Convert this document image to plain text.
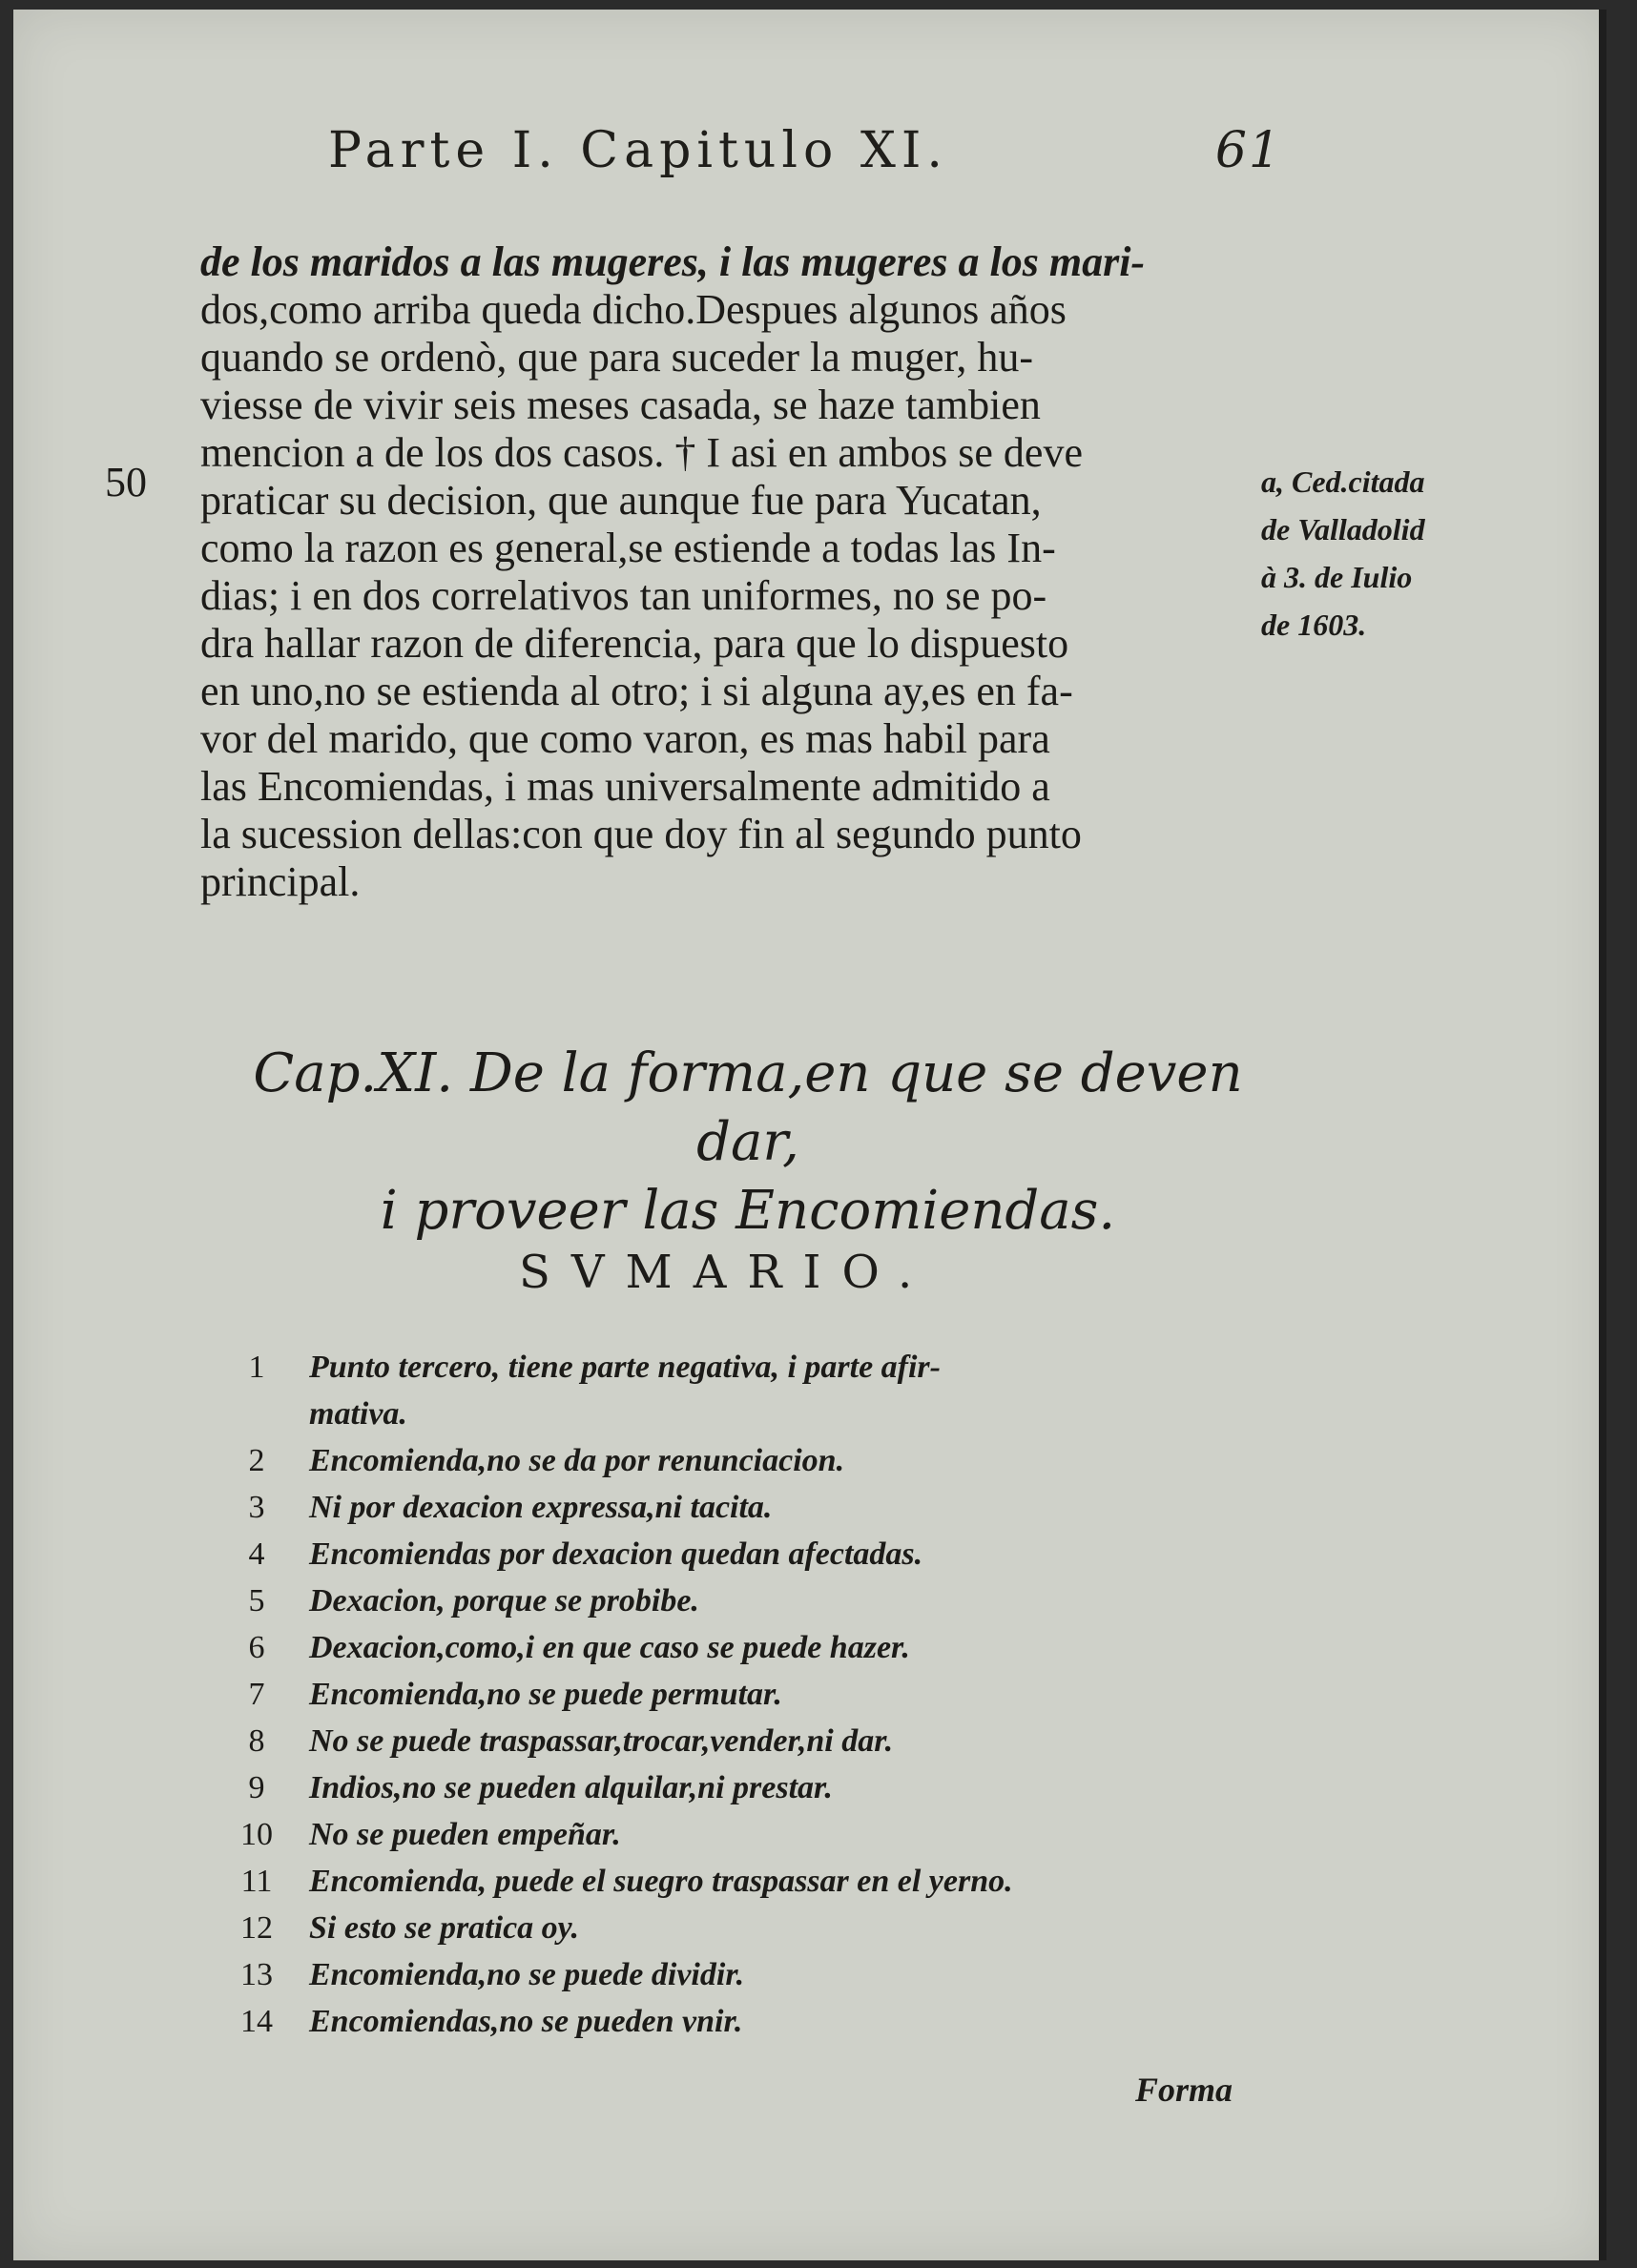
Parte I. Capitulo XI.	61
50
de los maridos a las mugeres, i las mugeres a los mari-
dos,como arriba queda dicho.Despues algunos años
quando se ordenò, que para suceder la muger, hu-
viesse de vivir seis meses casada, se haze tambien
mencion a de los dos casos. † I asi en ambos se deve
praticar su decision, que aunque fue para Yucatan,
como la razon es general,se estiende a todas las In-
dias; i en dos correlativos tan uniformes, no se po-
dra hallar razon de diferencia, para que lo dispuesto
en uno,no se estienda al otro; i si alguna ay,es en fa-
vor del marido, que como varon, es mas habil para
las Encomiendas, i mas universalmente admitido a
la sucession dellas:con que doy fin al segundo punto
principal.
a, Ced.citada
de Valladolid
à 3. de Iulio
de 1603.
Cap.XI. De la forma,en que se deven dar,
i proveer las Encomiendas.
SVMARIO.
1	Punto tercero, tiene parte negativa, i parte afir-
mativa.
2	Encomienda,no se da por renunciacion.
3	Ni por dexacion expressa,ni tacita.
4	Encomiendas por dexacion quedan afectadas.
5	Dexacion, porque se probibe.
6	Dexacion,como,i en que caso se puede hazer.
7	Encomienda,no se puede permutar.
8	No se puede traspassar,trocar,vender,ni dar.
9	Indios,no se pueden alquilar,ni prestar.
10 No se pueden empeñar.
11 Encomienda, puede el suegro traspassar en el yerno.
12 Si esto se pratica oy.
13 Encomienda,no se puede dividir.
14 Encomiendas,no se pueden vnir.
Forma
